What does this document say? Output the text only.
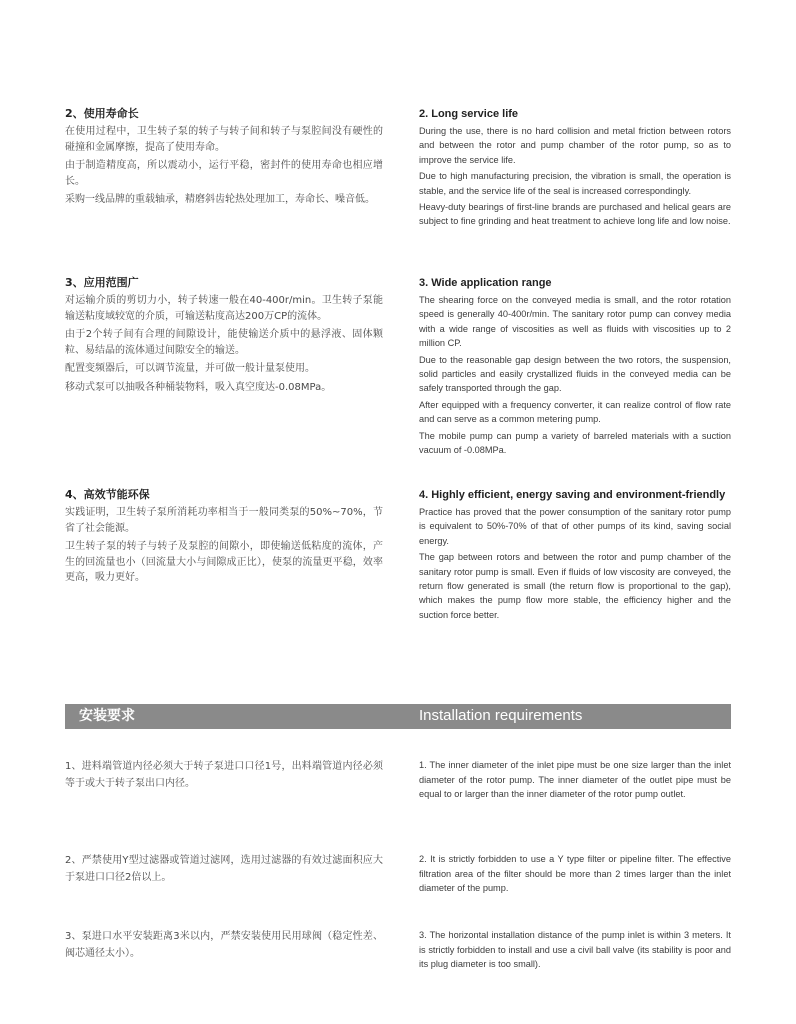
2、使用寿命长

在使用过程中，卫生转子泵的转子与转子间和转子与泵腔间没有硬性的碰撞和金属摩擦，提高了使用寿命。

由于制造精度高，所以震动小，运行平稳，密封件的使用寿命也相应增长。

采购一线品牌的重载轴承，精磨斜齿轮热处理加工，寿命长、噪音低。

2. Long service life

During the use, there is no hard collision and metal friction between rotors and between the rotor and pump chamber of the rotor pump, so as to improve the service life.

Due to high manufacturing precision, the vibration is small, the operation is stable, and the service life of the seal is increased correspondingly.

Heavy-duty bearings of first-line brands are purchased and helical gears are subject to fine grinding and heat treatment to achieve long life and low noise.

3、应用范围广

对运输介质的剪切力小，转子转速一般在40-400r/min。卫生转子泵能输送粘度域较宽的介质，可输送粘度高达200万CP的流体。

由于2个转子间有合理的间隙设计，能使输送介质中的悬浮液、固体颗粒、易结晶的流体通过间隙安全的输送。

配置变频器后，可以调节流量，并可做一般计量泵使用。

移动式泵可以抽吸各种桶装物料，吸入真空度达-0.08MPa。

3. Wide application range

The shearing force on the conveyed media is small, and the rotor rotation speed is generally 40-400r/min. The sanitary rotor pump can convey media with a wide range of viscosities as well as fluids with viscosities up to 2 million CP.

Due to the reasonable gap design between the two rotors, the suspension, solid particles and easily crystallized fluids in the conveyed media can be safely transported through the gap.

After equipped with a frequency converter, it can realize control of flow rate and can serve as a common metering pump.

The mobile pump can pump a variety of barreled materials with a suction vacuum of -0.08MPa.

4、高效节能环保

实践证明，卫生转子泵所消耗功率相当于一般同类泵的50%~70%，节省了社会能源。

卫生转子泵的转子与转子及泵腔的间隙小，即使输送低粘度的流体，产生的回流量也小（回流量大小与间隙成正比），使泵的流量更平稳，效率更高，吸力更好。

4. Highly efficient, energy saving and environment-friendly

Practice has proved that the power consumption of the sanitary rotor pump is equivalent to 50%-70% of that of other pumps of its kind, saving social energy.

The gap between rotors and between the rotor and pump chamber of the sanitary rotor pump is small. Even if fluids of low viscosity are conveyed, the return flow generated is small (the return flow is proportional to the gap), which makes the pump flow more stable, the efficiency higher and the suction force better.

安装要求	Installation requirements

1、进料端管道内径必须大于转子泵进口口径1号，出料端管道内径必须等于或大于转子泵出口内径。

1. The inner diameter of the inlet pipe must be one size larger than the inlet diameter of the rotor pump. The inner diameter of the outlet pipe must be equal to or larger than the inner diameter of the rotor pump outlet.

2、严禁使用Y型过滤器或管道过滤网，选用过滤器的有效过滤面积应大于泵进口口径2倍以上。

2. It is strictly forbidden to use a Y type filter or pipeline filter. The effective filtration area of the filter should be more than 2 times larger than the inlet diameter of the pump.

3、泵进口水平安装距离3米以内，严禁安装使用民用球阀（稳定性差、阀芯通径太小）。

3. The horizontal installation distance of the pump inlet is within 3 meters. It is strictly forbidden to install and use a civil ball valve (its stability is poor and its plug diameter is too small).
